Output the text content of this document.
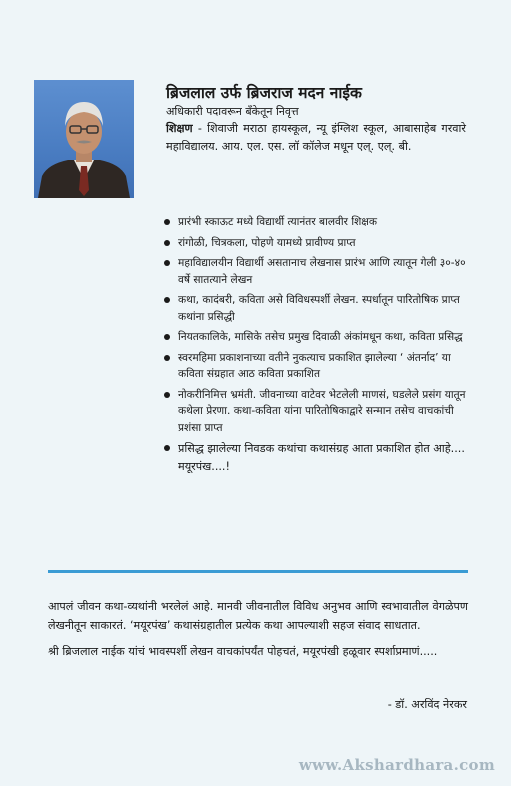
ब्रिजलाल उर्फ ब्रिजराज मदन नाईक

अधिकारी पदावरून बँकेतून निवृत्त

शिक्षण - शिवाजी मराठा हायस्कूल, न्यू इंग्लिश स्कूल, आबासाहेब गरवारे महाविद्यालय. आय. एल. एस. लॉ कॉलेज मधून एल्‌. एल्‌. बी.

प्रारंभी स्काऊट मध्ये विद्यार्थी त्यानंतर बालवीर शिक्षक
रांगोळी, चित्रकला, पोहणे यामध्ये प्रावीण्य प्राप्त
महाविद्यालयीन विद्यार्थी असतानाच लेखनास प्रारंभ आणि त्यातून गेली ३०-४० वर्षे सातत्याने लेखन
कथा, कादंबरी, कविता असे विविधस्पर्शी लेखन. स्पर्धातून पारितोषिक प्राप्त कथांना प्रसिद्धी
नियतकालिके, मासिके तसेच प्रमुख दिवाळी अंकांमधून कथा, कविता प्रसिद्ध
स्वरमहिमा प्रकाशनाच्या वतीने नुकत्याच प्रकाशित झालेल्या ‘ अंतर्नाद’ या कविता संग्रहात आठ कविता प्रकाशित
नोकरीनिमित्त भ्रमंती. जीवनाच्या वाटेवर भेटलेली माणसं, घडलेले प्रसंग यातून कथेला प्रेरणा. कथा-कविता यांना पारितोषिकाद्वारे सन्मान तसेच वाचकांची प्रशंसा प्राप्त
प्रसिद्ध झालेल्या निवडक कथांचा कथासंग्रह आता प्रकाशित होत आहे.... मयूरपंख....!

आपलं जीवन कथा-व्यथांनी भरलेलं आहे. मानवी जीवनातील विविध अनुभव आणि स्वभावातील वेगळेपण लेखनीतून साकारतं. ‘मयूरपंख’ कथासंग्रहातील प्रत्येक कथा आपल्याशी सहज संवाद साधतात.

श्री ब्रिजलाल नाईक यांचं भावस्पर्शी लेखन वाचकांपर्यंत पोहचतं, मयूरपंखी हळूवार स्पर्शाप्रमाणं.....

- डॉ. अरविंद नेरकर
www.Akshardhara.com
